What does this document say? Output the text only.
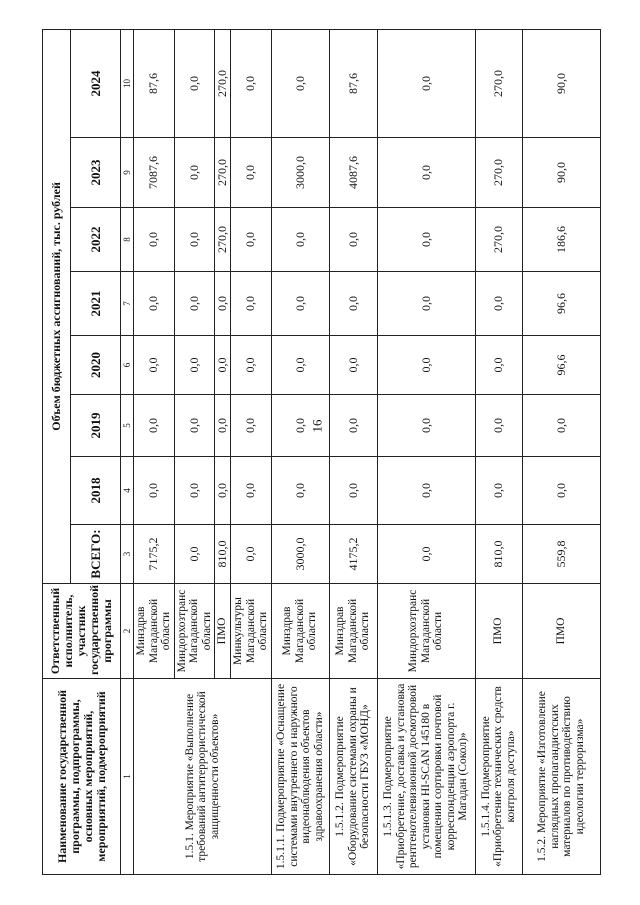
16
Наименование государственной программы, подпрограммы, основных мероприятий, мероприятий, подмероприятий	Ответственный исполнитель, участник государственной программы	Объем бюджетных ассигнований, тыс. рублей							
		ВСЕГО:	2018	2019	2020	2021	2022	2023	2024
1	2	3	4	5	6	7	8	9	10
1.5.1. Мероприятие «Выполнение требований антитеррористической защищенности объектов»	Минздрав Магаданской области	7175,2	0,0	0,0	0,0	0,0	0,0	7087,6	87,6
	Миндорхозтранс Магаданской области	0,0	0,0	0,0	0,0	0,0	0,0	0,0	0,0
	ПМО	810,0	0,0	0,0	0,0	0,0	270,0	270,0	270,0
	Минкультуры Магаданской области	0,0	0,0	0,0	0,0	0,0	0,0	0,0	0,0
1.5.1.1. Подмероприятие «Оснащение системами внутреннего и наружного видеонаблюдения объектов здравоохранения области»	Минздрав Магаданской области	3000,0	0,0	0,0	0,0	0,0	0,0	3000,0	0,0
1.5.1.2. Подмероприятие «Оборудование системами охраны и безопасности ГБУЗ «МОНД»	Минздрав Магаданской области	4175,2	0,0	0,0	0,0	0,0	0,0	4087,6	87,6
1.5.1.3. Подмероприятие «Приобретение, доставка и установка рентгенотелевизионной досмотровой установки HI-SCAN 145180 в помещении сортировки почтовой корреспонденции аэропорта г. Магадан (Сокол)»	Миндорхозтранс Магаданской области	0,0	0,0	0,0	0,0	0,0	0,0	0,0	0,0
1.5.1.4. Подмероприятие «Приобретение технических средств контроля доступа»	ПМО	810,0	0,0	0,0	0,0	0,0	270,0	270,0	270,0
1.5.2. Мероприятие «Изготовление наглядных пропагандистских материалов по противодействию идеологии терроризма»	ПМО	559,8	0,0	0,0	96,6	96,6	186,6	90,0	90,0
